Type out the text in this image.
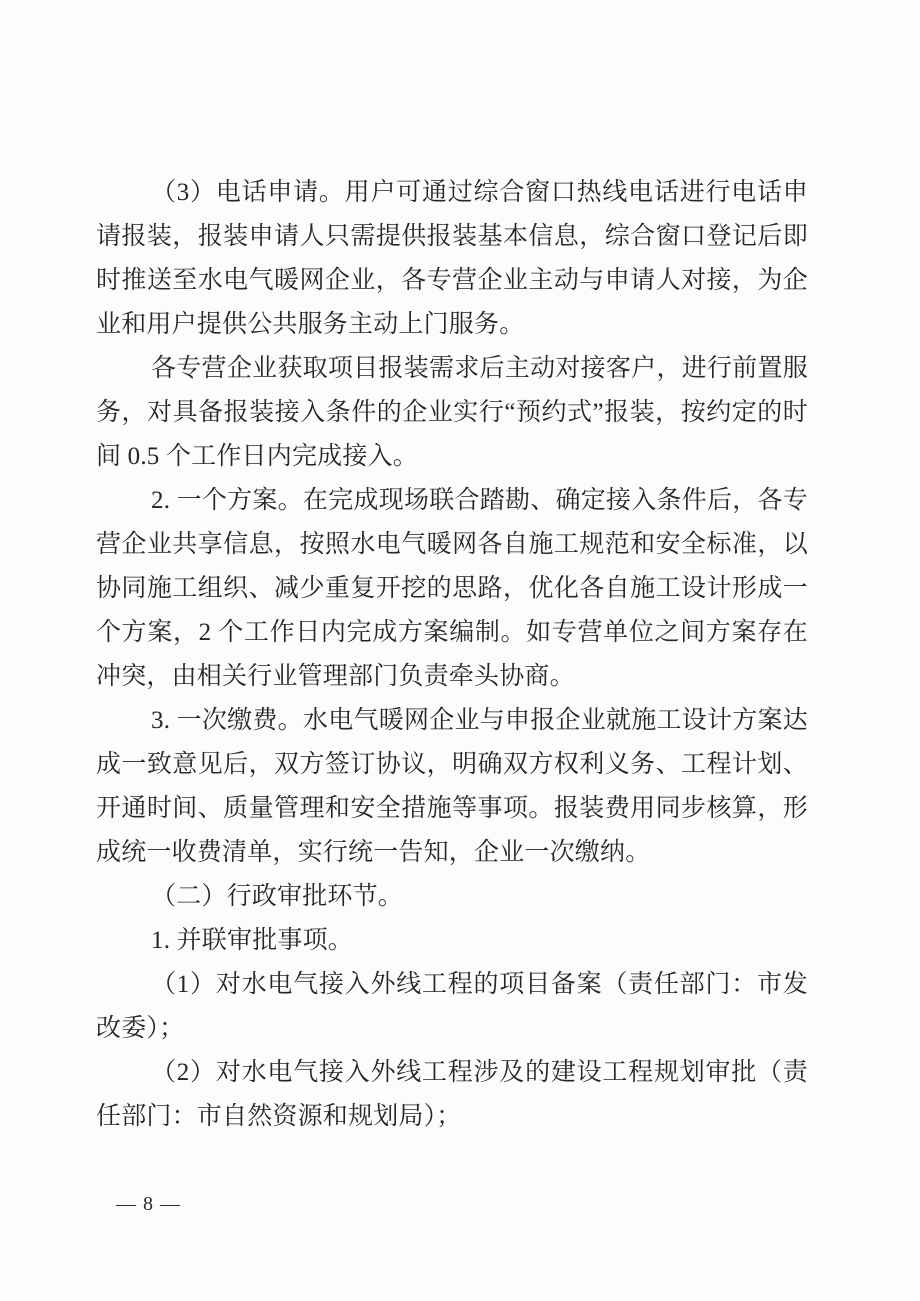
（3）电话申请。用户可通过综合窗口热线电话进行电话申请报装，报装申请人只需提供报装基本信息，综合窗口登记后即时推送至水电气暖网企业，各专营企业主动与申请人对接，为企业和用户提供公共服务主动上门服务。

各专营企业获取项目报装需求后主动对接客户，进行前置服务，对具备报装接入条件的企业实行“预约式”报装，按约定的时间 0.5 个工作日内完成接入。

2. 一个方案。在完成现场联合踏勘、确定接入条件后，各专营企业共享信息，按照水电气暖网各自施工规范和安全标准，以协同施工组织、减少重复开挖的思路，优化各自施工设计形成一个方案，2 个工作日内完成方案编制。如专营单位之间方案存在冲突，由相关行业管理部门负责牵头协商。

3. 一次缴费。水电气暖网企业与申报企业就施工设计方案达成一致意见后，双方签订协议，明确双方权利义务、工程计划、开通时间、质量管理和安全措施等事项。报装费用同步核算，形成统一收费清单，实行统一告知，企业一次缴纳。

（二）行政审批环节。

1. 并联审批事项。

（1）对水电气接入外线工程的项目备案（责任部门：市发改委）；

（2）对水电气接入外线工程涉及的建设工程规划审批（责任部门：市自然资源和规划局）；

— 8 —
